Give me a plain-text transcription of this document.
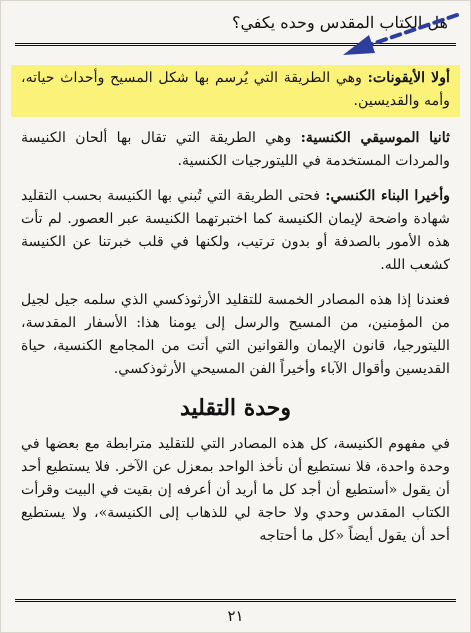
هل الكتاب المقدس وحده يكفي؟

أولا الأيقونات: وهي الطريقة التي يُرسم بها شكل المسيح وأحداث حياته، وأمه والقديسين.

ثانيا الموسيقي الكنسية: وهي الطريقة التي تقال بها ألحان الكنيسة والمردات المستخدمة في الليتورجيات الكنسية.

وأخيرا البناء الكنسي: فحتى الطريقة التي تُبني بها الكنيسة بحسب التقليد شهادة واضحة لإيمان الكنيسة كما اختبرتهما الكنيسة عبر العصور. لم تأت هذه الأمور بالصدفة أو بدون ترتيب، ولكنها في قلب خبرتنا عن الكنيسة كشعب الله.

فعندنا إذا هذه المصادر الخمسة للتقليد الأرثوذكسي الذي سلمه جيل لجيل من المؤمنين، من المسيح والرسل إلى يومنا هذا: الأسفار المقدسة، الليتورجيا، قانون الإيمان والقوانين التي أتت من المجامع الكنسية، حياة القديسين وأقوال الآباء وأخيراً الفن المسيحي الأرثوذكسي.

وحدة التقليد

في مفهوم الكنيسة، كل هذه المصادر التي للتقليد مترابطة مع بعضها في وحدة واحدة، فلا نستطيع أن نأخذ الواحد بمعزل عن الآخر. فلا يستطيع أحد أن يقول «أستطيع أن أجد كل ما أريد أن أعرفه إن بقيت في البيت وقرأت الكتاب المقدس وحدي ولا حاجة لي للذهاب إلى الكنيسة»، ولا يستطيع أحد أن يقول أيضاً «كل ما أحتاجه

٢١
